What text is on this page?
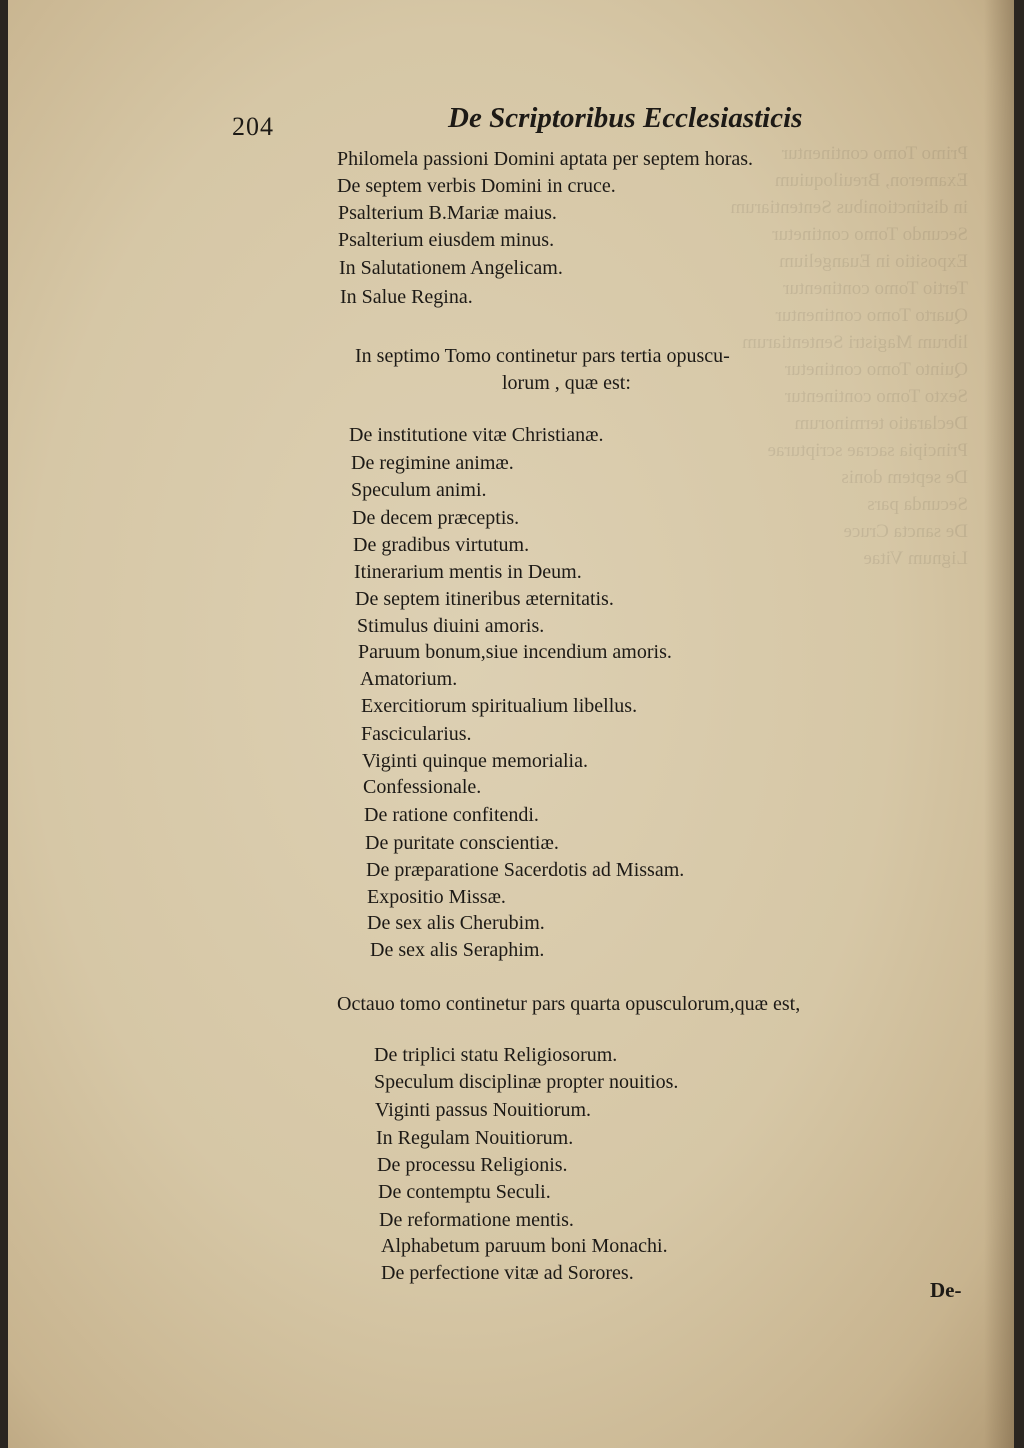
Primo Tomo continentur
Exameron, Breuiloquium
in distinctionibus Sententiarum
Secundo Tomo continetur
Expositio in Euangelium
Tertio Tomo continentur
Quarto Tomo continentur
librum Magistri Sententiarum
Quinto Tomo continetur
Sexto Tomo continentur
Declaratio terminorum
Principia sacrae scripturae
De septem donis
Secunda pars
De sancta Cruce
Lignum Vitae
204	De Scriptoribus Ecclesiasticis
Philomela passioni Domini aptata per septem horas.
De septem verbis Domini in cruce.
Psalterium B.Mariæ maius.
Psalterium eiusdem minus.
In Salutationem Angelicam.
In Salue Regina.
In septimo Tomo continetur pars tertia opuscu-
lorum , quæ est:
De institutione vitæ Christianæ.
De regimine animæ.
Speculum animi.
De decem præceptis.
De gradibus virtutum.
Itinerarium mentis in Deum.
De septem itineribus æternitatis.
Stimulus diuini amoris.
Paruum bonum,siue incendium amoris.
Amatorium.
Exercitiorum spiritualium libellus.
Fascicularius.
Viginti quinque memorialia.
Confessionale.
De ratione confitendi.
De puritate conscientiæ.
De præparatione Sacerdotis ad Missam.
Expositio Missæ.
De sex alis Cherubim.
De sex alis Seraphim.
Octauo tomo continetur pars quarta opusculorum,quæ est,
De triplici statu Religiosorum.
Speculum disciplinæ propter nouitios.
Viginti passus Nouitiorum.
In Regulam Nouitiorum.
De processu Religionis.
De contemptu Seculi.
De reformatione mentis.
Alphabetum paruum boni Monachi.
De perfectione vitæ ad Sorores.
De-
